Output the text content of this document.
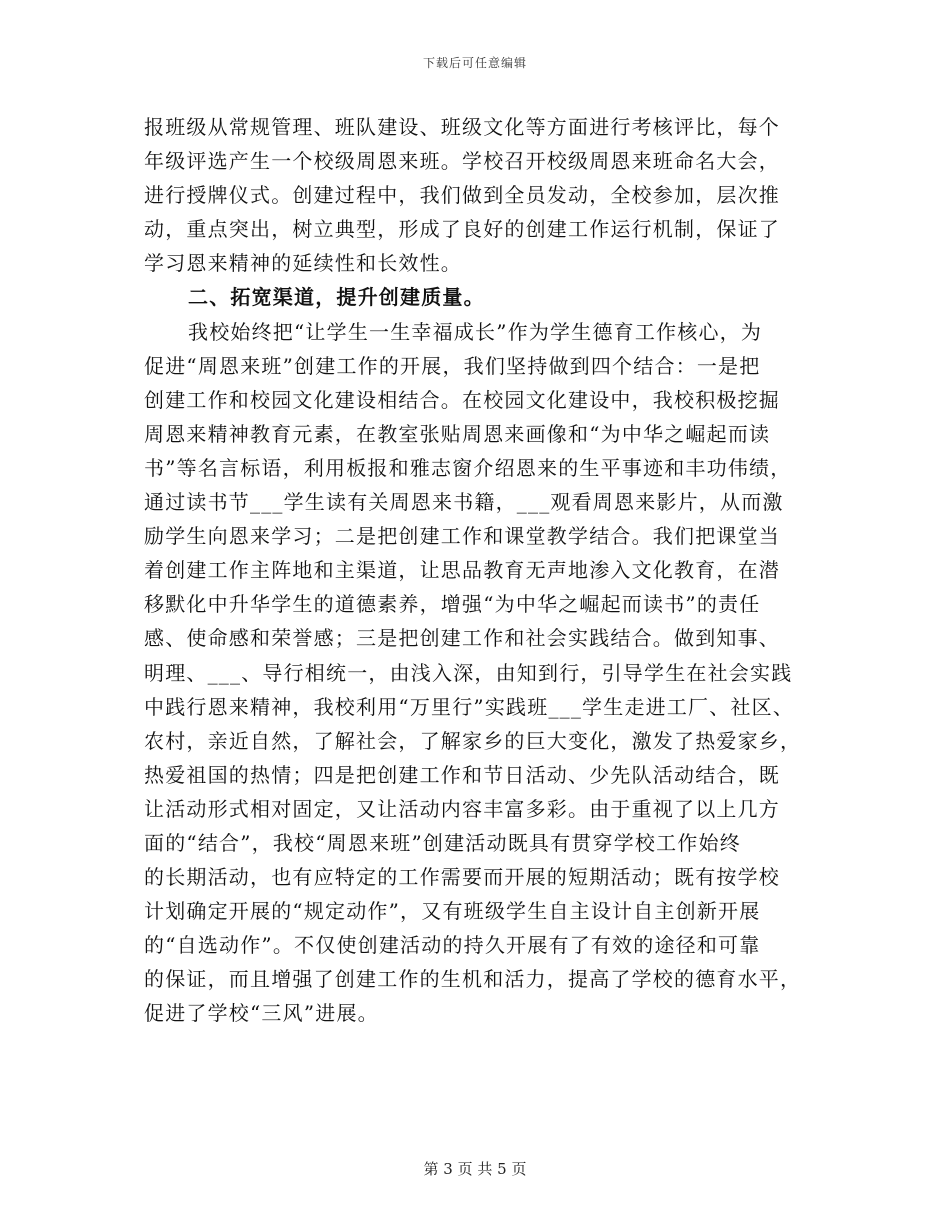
下载后可任意编辑
报班级从常规管理、班队建设、班级文化等方面进行考核评比，每个
年级评选产生一个校级周恩来班。学校召开校级周恩来班命名大会，
进行授牌仪式。创建过程中，我们做到全员发动，全校参加，层次推
动，重点突出，树立典型，形成了良好的创建工作运行机制，保证了
学习恩来精神的延续性和长效性。
二、拓宽渠道，提升创建质量。
我校始终把“让学生一生幸福成长”作为学生德育工作核心，为
促进“周恩来班”创建工作的开展，我们坚持做到四个结合：一是把
创建工作和校园文化建设相结合。在校园文化建设中，我校积极挖掘
周恩来精神教育元素，在教室张贴周恩来画像和“为中华之崛起而读
书”等名言标语，利用板报和雅志窗介绍恩来的生平事迹和丰功伟绩，
通过读书节___学生读有关周恩来书籍，___观看周恩来影片，从而激
励学生向恩来学习；二是把创建工作和课堂教学结合。我们把课堂当
着创建工作主阵地和主渠道，让思品教育无声地渗入文化教育，在潜
移默化中升华学生的道德素养，增强“为中华之崛起而读书”的责任
感、使命感和荣誉感；三是把创建工作和社会实践结合。做到知事、
明理、___、导行相统一，由浅入深，由知到行，引导学生在社会实践
中践行恩来精神，我校利用“万里行”实践班___学生走进工厂、社区、
农村，亲近自然，了解社会，了解家乡的巨大变化，激发了热爱家乡，
热爱祖国的热情；四是把创建工作和节日活动、少先队活动结合，既
让活动形式相对固定，又让活动内容丰富多彩。由于重视了以上几方
面的“结合”，我校“周恩来班”创建活动既具有贯穿学校工作始终
的长期活动，也有应特定的工作需要而开展的短期活动；既有按学校
计划确定开展的“规定动作”，又有班级学生自主设计自主创新开展
的“自选动作”。不仅使创建活动的持久开展有了有效的途径和可靠
的保证，而且增强了创建工作的生机和活力，提高了学校的德育水平，
促进了学校“三风”进展。
第 3 页 共 5 页
